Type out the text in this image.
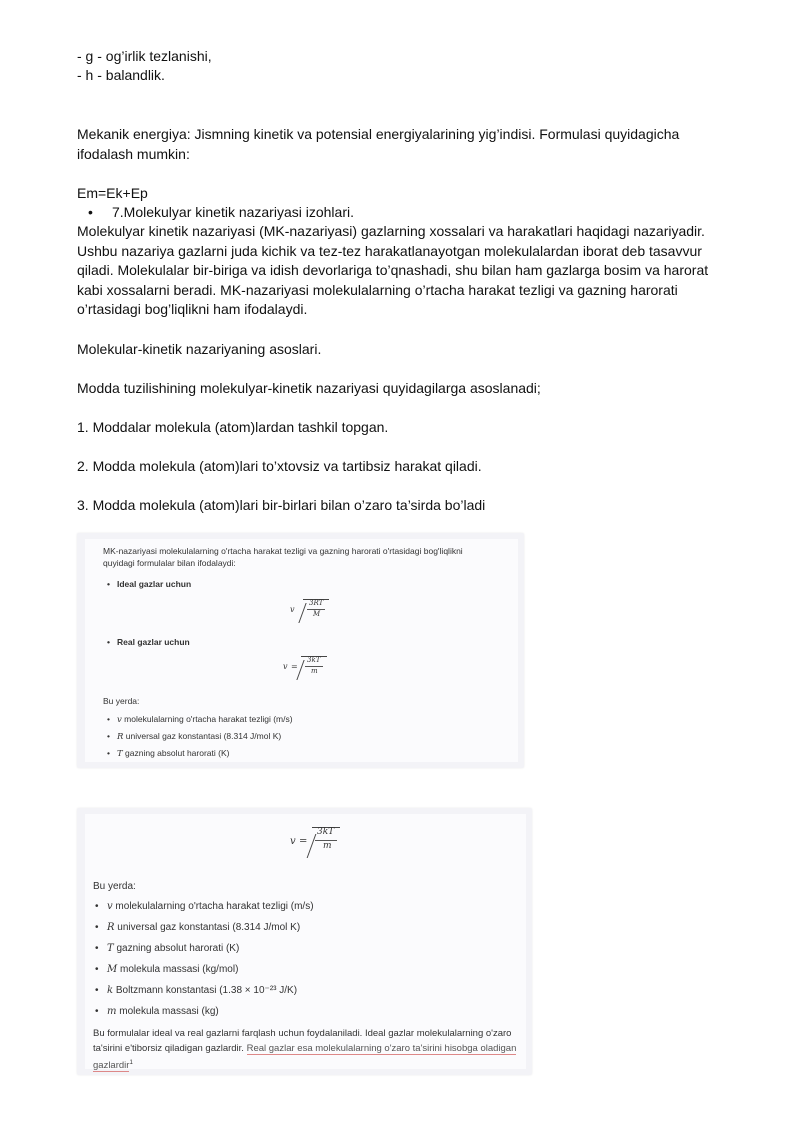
- g - og’irlik tezlanishi,
- h - balandlik.
Mekanik energiya: Jismning kinetik va potensial energiyalarining yig’indisi. Formulasi quyidagicha ifodalash mumkin:
Em=Ek+Ep
• 7.Molekulyar kinetik nazariyasi izohlari.
Molekulyar kinetik nazariyasi (MK-nazariyasi) gazlarning xossalari va harakatlari haqidagi nazariyadir. Ushbu nazariya gazlarni juda kichik va tez-tez harakatlanayotgan molekulalardan iborat deb tasavvur qiladi. Molekulalar bir-biriga va idish devorlariga to’qnashadi, shu bilan ham gazlarga bosim va harorat kabi xossalarni beradi. MK-nazariyasi molekulalarning o’rtacha harakat tezligi va gazning harorati o’rtasidagi bog’liqlikni ham ifodalaydi.
Molekular-kinetik nazariyaning asoslari.
Modda tuzilishining molekulyar-kinetik nazariyasi quyidagilarga asoslanadi;
1. Moddalar molekula (atom)lardan tashkil topgan.
2. Modda molekula (atom)lari to’xtovsiz va tartibsiz harakat qiladi.
3. Modda molekula (atom)lari bir-birlari bilan o’zaro ta’sirda bo’ladi
MK-nazariyasi molekulalarning o'rtacha harakat tezligi va gazning harorati o'rtasidagi bog'liqlikni
quyidagi formulalar bilan ifodalaydi:
• Ideal gazlar uchun
v
3RT
M
• Real gazlar uchun
v =
3kT
m
Bu yerda:
• v molekulalarning o'rtacha harakat tezligi (m/s)
• R universal gaz konstantasi (8.314 J/mol K)
• T gazning absolut harorati (K)
v =
3kT
m
Bu yerda:
• v molekulalarning o'rtacha harakat tezligi (m/s)
• R universal gaz konstantasi (8.314 J/mol K)
• T gazning absolut harorati (K)
• M molekula massasi (kg/mol)
• k Boltzmann konstantasi (1.38 × 10⁻²³ J/K)
• m molekula massasi (kg)
Bu formulalar ideal va real gazlarni farqlash uchun foydalaniladi. Ideal gazlar molekulalarning o'zaro
ta'sirini e'tiborsiz qiladigan gazlardir. Real gazlar esa molekulalarning o'zaro ta'sirini hisobga oladigan
gazlardir$^1$
